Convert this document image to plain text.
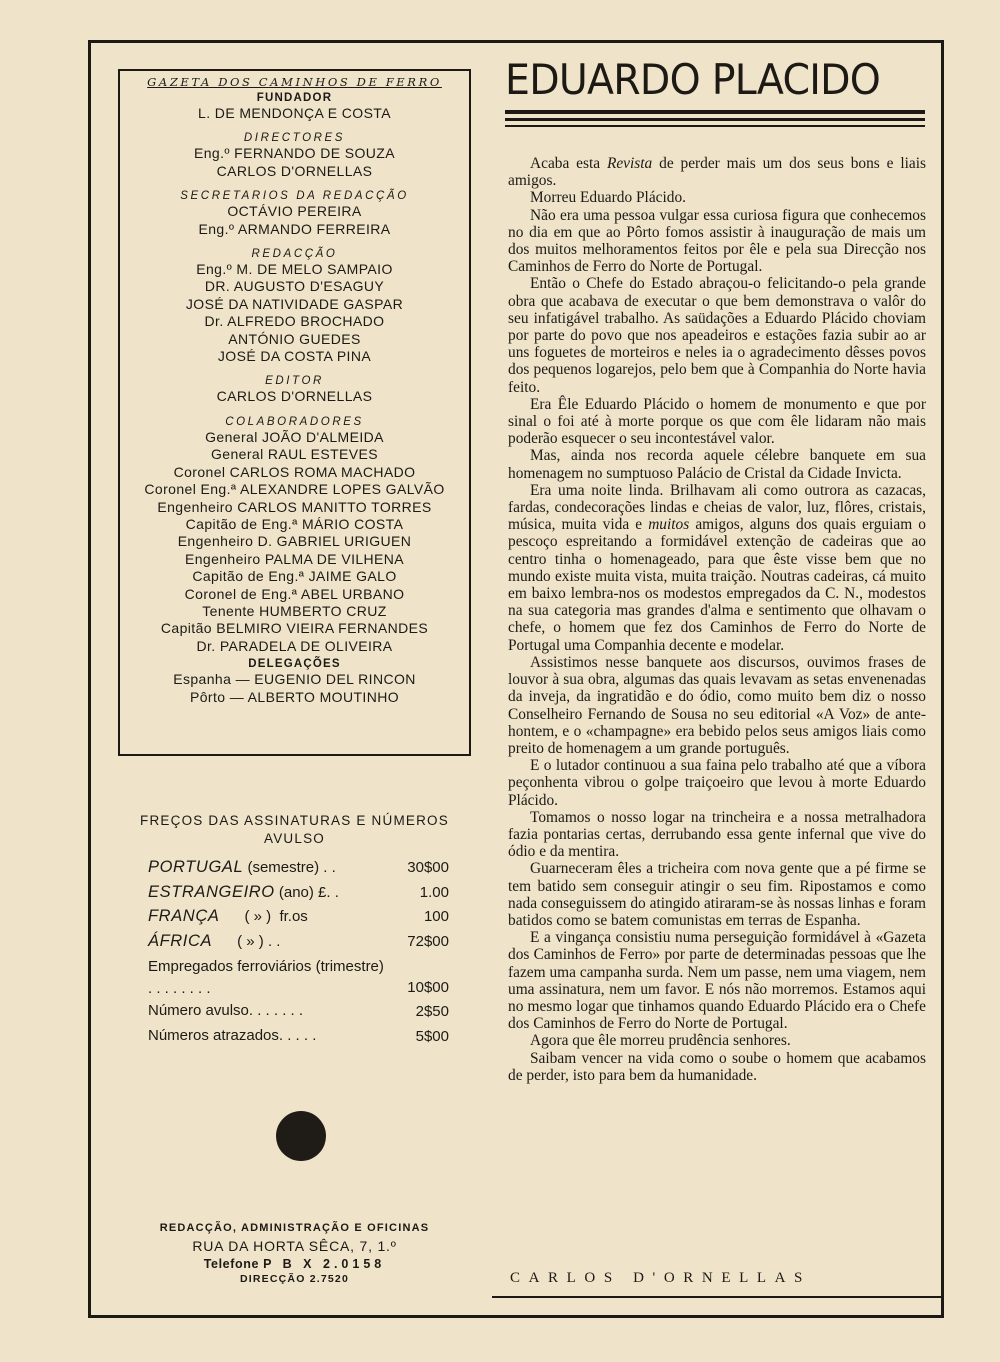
GAZETA DOS CAMINHOS DE FERRO
FUNDADOR
L. DE MENDONÇA E COSTA
DIRECTORES
Eng.º FERNANDO DE SOUZA
CARLOS D'ORNELLAS
SECRETARIOS DA REDACÇÃO
OCTÁVIO PEREIRA
Eng.º ARMANDO FERREIRA
REDACÇÃO
Eng.º M. DE MELO SAMPAIO
DR. AUGUSTO D'ESAGUY
JOSÉ DA NATIVIDADE GASPAR
Dr. ALFREDO BROCHADO
ANTÓNIO GUEDES
JOSÉ DA COSTA PINA
EDITOR
CARLOS D'ORNELLAS
COLABORADORES
General JOÃO D'ALMEIDA
General RAUL ESTEVES
Coronel CARLOS ROMA MACHADO
Coronel Eng.ª ALEXANDRE LOPES GALVÃO
Engenheiro CARLOS MANITTO TORRES
Capitão de Eng.ª MÁRIO COSTA
Engenheiro D. GABRIEL URIGUEN
Engenheiro PALMA DE VILHENA
Capitão de Eng.ª JAIME GALO
Coronel de Eng.ª ABEL URBANO
Tenente HUMBERTO CRUZ
Capitão BELMIRO VIEIRA FERNANDES
Dr. PARADELA DE OLIVEIRA
DELEGAÇÕES
Espanha — EUGENIO DEL RINCON
Pôrto — ALBERTO MOUTINHO
FREÇOS DAS ASSINATURAS E NÚMEROS AVULSO
PORTUGAL (semestre) . .	30$00
ESTRANGEIRO (ano) £. .	1.00
FRANÇA      ( » )  fr.os	100
ÁFRICA      ( » ) . .	72$00
Empregados ferroviários (trimestre) . . . . . . . .	10$00
Número avulso. . . . . . .	2$50
Números atrazados. . . . .	5$00
REDACÇÃO, ADMINISTRAÇÃO E OFICINAS
RUA DA HORTA SÊCA, 7, 1.º
Telefone P B X 2.0158
DIRECÇÃO 2.7520
EDUARDO PLACIDO

Acaba esta Revista de perder mais um dos seus bons e liais amigos.

Morreu Eduardo Plácido.

Não era uma pessoa vulgar essa curiosa figura que conhecemos no dia em que ao Pôrto fomos assistir à inauguração de mais um dos muitos melhoramentos feitos por êle e pela sua Direcção nos Caminhos de Ferro do Norte de Portugal.

Então o Chefe do Estado abraçou-o felicitando-o pela grande obra que acabava de executar o que bem demonstrava o valôr do seu infatigável trabalho. As saüdações a Eduardo Plácido choviam por parte do povo que nos apeadeiros e estações fazia subir ao ar uns foguetes de morteiros e neles ia o agradecimento dêsses povos dos pequenos logarejos, pelo bem que à Companhia do Norte havia feito.

Era Êle Eduardo Plácido o homem de monumento e que por sinal o foi até à morte porque os que com êle lidaram não mais poderão esquecer o seu incontestável valor.

Mas, ainda nos recorda aquele célebre banquete em sua homenagem no sumptuoso Palácio de Cristal da Cidade Invicta.

Era uma noite linda. Brilhavam ali como outrora as cazacas, fardas, condecorações lindas e cheias de valor, luz, flôres, cristais, música, muita vida e muitos amigos, alguns dos quais erguiam o pescoço espreitando a formidável extenção de cadeiras que ao centro tinha o homenageado, para que êste visse bem que no mundo existe muita vista, muita traição. Noutras cadeiras, cá muito em baixo lembra-nos os modestos empregados da C. N., modestos na sua categoria mas grandes d'alma e sentimento que olhavam o chefe, o homem que fez dos Caminhos de Ferro do Norte de Portugal uma Companhia decente e modelar.

Assistimos nesse banquete aos discursos, ouvimos frases de louvor à sua obra, algumas das quais levavam as setas envenenadas da inveja, da ingratidão e do ódio, como muito bem diz o nosso Conselheiro Fernando de Sousa no seu editorial «A Voz» de ante-hontem, e o «champagne» era bebido pelos seus amigos liais como preito de homenagem a um grande português.

E o lutador continuou a sua faina pelo trabalho até que a víbora peçonhenta vibrou o golpe traiçoeiro que levou à morte Eduardo Plácido.

Tomamos o nosso logar na trincheira e a nossa metralhadora fazia pontarias certas, derrubando essa gente infernal que vive do ódio e da mentira.

Guarneceram êles a tricheira com nova gente que a pé firme se tem batido sem conseguir atingir o seu fim. Ripostamos e como nada conseguissem do atingido atiraram-se às nossas linhas e foram batidos como se batem comunistas em terras de Espanha.

E a vingança consistiu numa perseguição formidável à «Gazeta dos Caminhos de Ferro» por parte de determinadas pessoas que lhe fazem uma campanha surda. Nem um passe, nem uma viagem, nem uma assinatura, nem um favor. E nós não morremos. Estamos aqui no mesmo logar que tinhamos quando Eduardo Plácido era o Chefe dos Caminhos de Ferro do Norte de Portugal.

Agora que êle morreu prudência senhores.

Saibam vencer na vida como o soube o homem que acabamos de perder, isto para bem da humanidade.

CARLOS D'ORNELLAS
